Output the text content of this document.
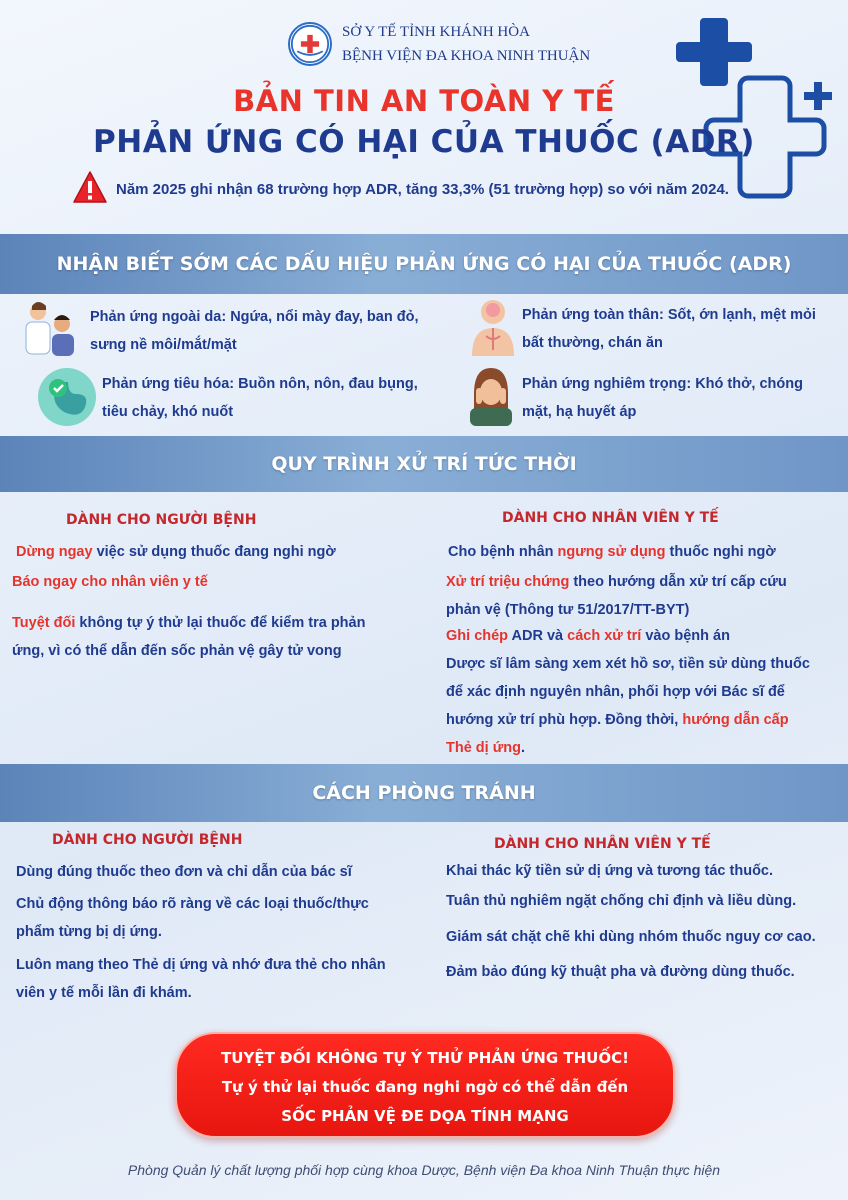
SỞ Y TẾ TỈNH KHÁNH HÒA
BỆNH VIỆN ĐA KHOA NINH THUẬN
BẢN TIN AN TOÀN Y TẾ
PHẢN ỨNG CÓ HẠI CỦA THUỐC (ADR)
Năm 2025 ghi nhận 68 trường hợp ADR, tăng 33,3% (51 trường hợp) so với năm 2024.
NHẬN BIẾT SỚM CÁC DẤU HIỆU PHẢN ỨNG CÓ HẠI CỦA THUỐC (ADR)
Phản ứng ngoài da: Ngứa, nổi mày đay, ban đỏ,
sưng nề môi/mắt/mặt
Phản ứng toàn thân: Sốt, ớn lạnh, mệt mỏi
bất thường, chán ăn
Phản ứng tiêu hóa: Buồn nôn, nôn, đau bụng,
tiêu chảy, khó nuốt
Phản ứng nghiêm trọng: Khó thở, chóng
mặt, hạ huyết áp
QUY TRÌNH XỬ TRÍ TỨC THỜI
DÀNH CHO NGƯỜI BỆNH	DÀNH CHO NHÂN VIÊN Y TẾ
Dừng ngay việc sử dụng thuốc đang nghi ngờ
Báo ngay cho nhân viên y tế
Tuyệt đối không tự ý thử lại thuốc để kiểm tra phản
ứng, vì có thể dẫn đến sốc phản vệ gây tử vong
Cho bệnh nhân ngưng sử dụng thuốc nghi ngờ
Xử trí triệu chứng theo hướng dẫn xử trí cấp cứu
phản vệ (Thông tư 51/2017/TT-BYT)
Ghi chép ADR và cách xử trí vào bệnh án
Dược sĩ lâm sàng xem xét hồ sơ, tiền sử dùng thuốc
để xác định nguyên nhân, phối hợp với Bác sĩ để
hướng xử trí phù hợp. Đồng thời, hướng dẫn cấp
Thẻ dị ứng.
CÁCH PHÒNG TRÁNH
DÀNH CHO NGƯỜI BỆNH	DÀNH CHO NHÂN VIÊN Y TẾ
Dùng đúng thuốc theo đơn và chỉ dẫn của bác sĩ
Chủ động thông báo rõ ràng về các loại thuốc/thực
phẩm từng bị dị ứng.
Luôn mang theo Thẻ dị ứng và nhớ đưa thẻ cho nhân
viên y tế mỗi lần đi khám.
Khai thác kỹ tiền sử dị ứng và tương tác thuốc.
Tuân thủ nghiêm ngặt chống chỉ định và liều dùng.
Giám sát chặt chẽ khi dùng nhóm thuốc nguy cơ cao.
Đảm bảo đúng kỹ thuật pha và đường dùng thuốc.
TUYỆT ĐỐI KHÔNG TỰ Ý THỬ PHẢN ỨNG THUỐC!
Tự ý thử lại thuốc đang nghi ngờ có thể dẫn đến
SỐC PHẢN VỆ ĐE DỌA TÍNH MẠNG
Phòng Quản lý chất lượng phối hợp cùng khoa Dược, Bệnh viện Đa khoa Ninh Thuận thực hiện
